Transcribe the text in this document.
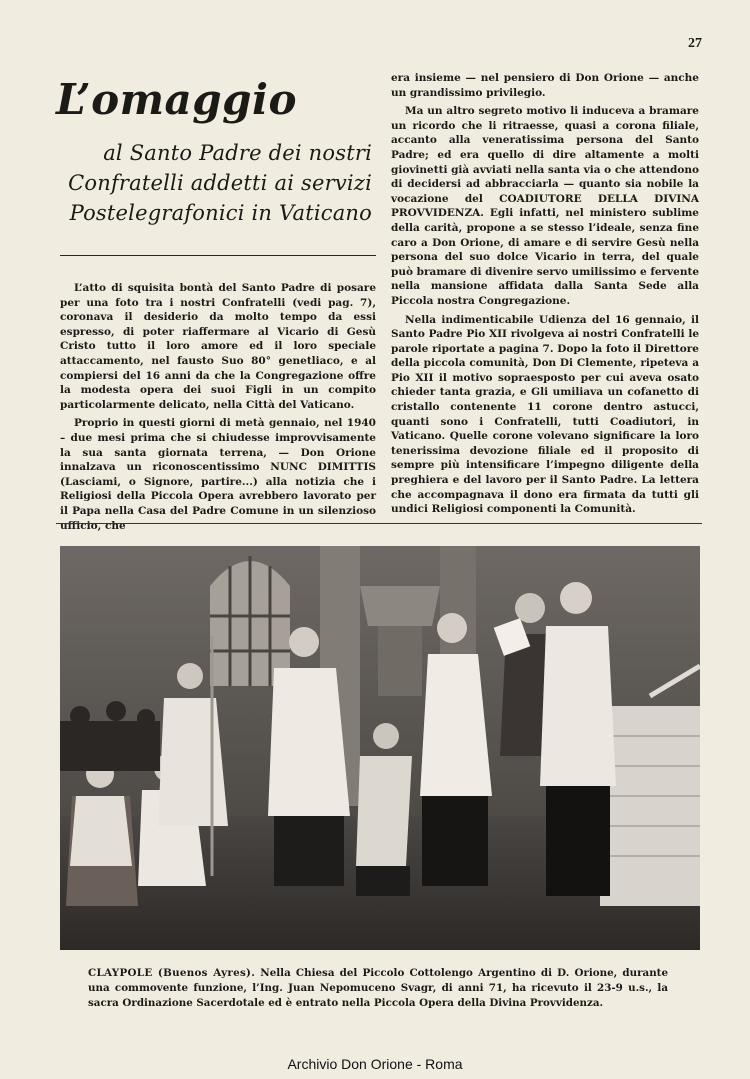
27
L’omaggio

al Santo Padre dei nostri

Confratelli addetti ai servizi

Postelegrafonici in Vaticano

L’atto di squisita bontà del Santo Padre di posare per una foto tra i nostri Confratelli (vedi pag. 7), coronava il desiderio da molto tempo da essi espresso, di poter riaffermare al Vicario di Gesù Cristo tutto il loro amore ed il loro speciale attaccamento, nel fausto Suo 80° genetliaco, e al compiersi del 16 anni da che la Congregazione offre la modesta opera dei suoi Figli in un compito particolarmente delicato, nella Città del Vaticano.

Proprio in questi giorni di metà gennaio, nel 1940 – due mesi prima che si chiudesse improvvisamente la sua santa giornata terrena, — Don Orione innalzava un riconoscentissimo NUNC DIMITTIS (Lasciami, o Signore, partire...) alla notizia che i Religiosi della Piccola Opera avrebbero lavorato per il Papa nella Casa del Padre Comune in un silenzioso ufficio, che

era insieme — nel pensiero di Don Orione — anche un grandissimo privilegio.

Ma un altro segreto motivo li induceva a bramare un ricordo che li ritraesse, quasi a corona filiale, accanto alla veneratissima persona del Santo Padre; ed era quello di dire altamente a molti giovinetti già avviati nella santa via o che attendono di decidersi ad abbracciarla — quanto sia nobile la vocazione del COADIUTORE DELLA DIVINA PROVVIDENZA. Egli infatti, nel ministero sublime della carità, propone a se stesso l’ideale, senza fine caro a Don Orione, di amare e di servire Gesù nella persona del suo dolce Vicario in terra, del quale può bramare di divenire servo umilissimo e fervente nella mansione affidata dalla Santa Sede alla Piccola nostra Congregazione.

Nella indimenticabile Udienza del 16 gennaio, il Santo Padre Pio XII rivolgeva ai nostri Confratelli le parole riportate a pagina 7. Dopo la foto il Direttore della piccola comunità, Don Di Clemente, ripeteva a Pio XII il motivo sopraesposto per cui aveva osato chieder tanta grazia, e Gli umiliava un cofanetto di cristallo contenente 11 corone dentro astucci, quanti sono i Confratelli, tutti Coadiutori, in Vaticano. Quelle corone volevano significare la loro tenerissima devozione filiale ed il proposito di sempre più intensificare l’impegno diligente della preghiera e del lavoro per il Santo Padre. La lettera che accompagnava il dono era firmata da tutti gli undici Religiosi componenti la Comunità.

CLAYPOLE (Buenos Ayres). Nella Chiesa del Piccolo Cottolengo Argentino di D. Orione, durante una commovente funzione, l’Ing. Juan Nepomuceno Svagr, di anni 71, ha ricevuto il 23-9 u.s., la sacra Ordinazione Sacerdotale ed è entrato nella Piccola Opera della Divina Provvidenza.
Archivio Don Orione - Roma
